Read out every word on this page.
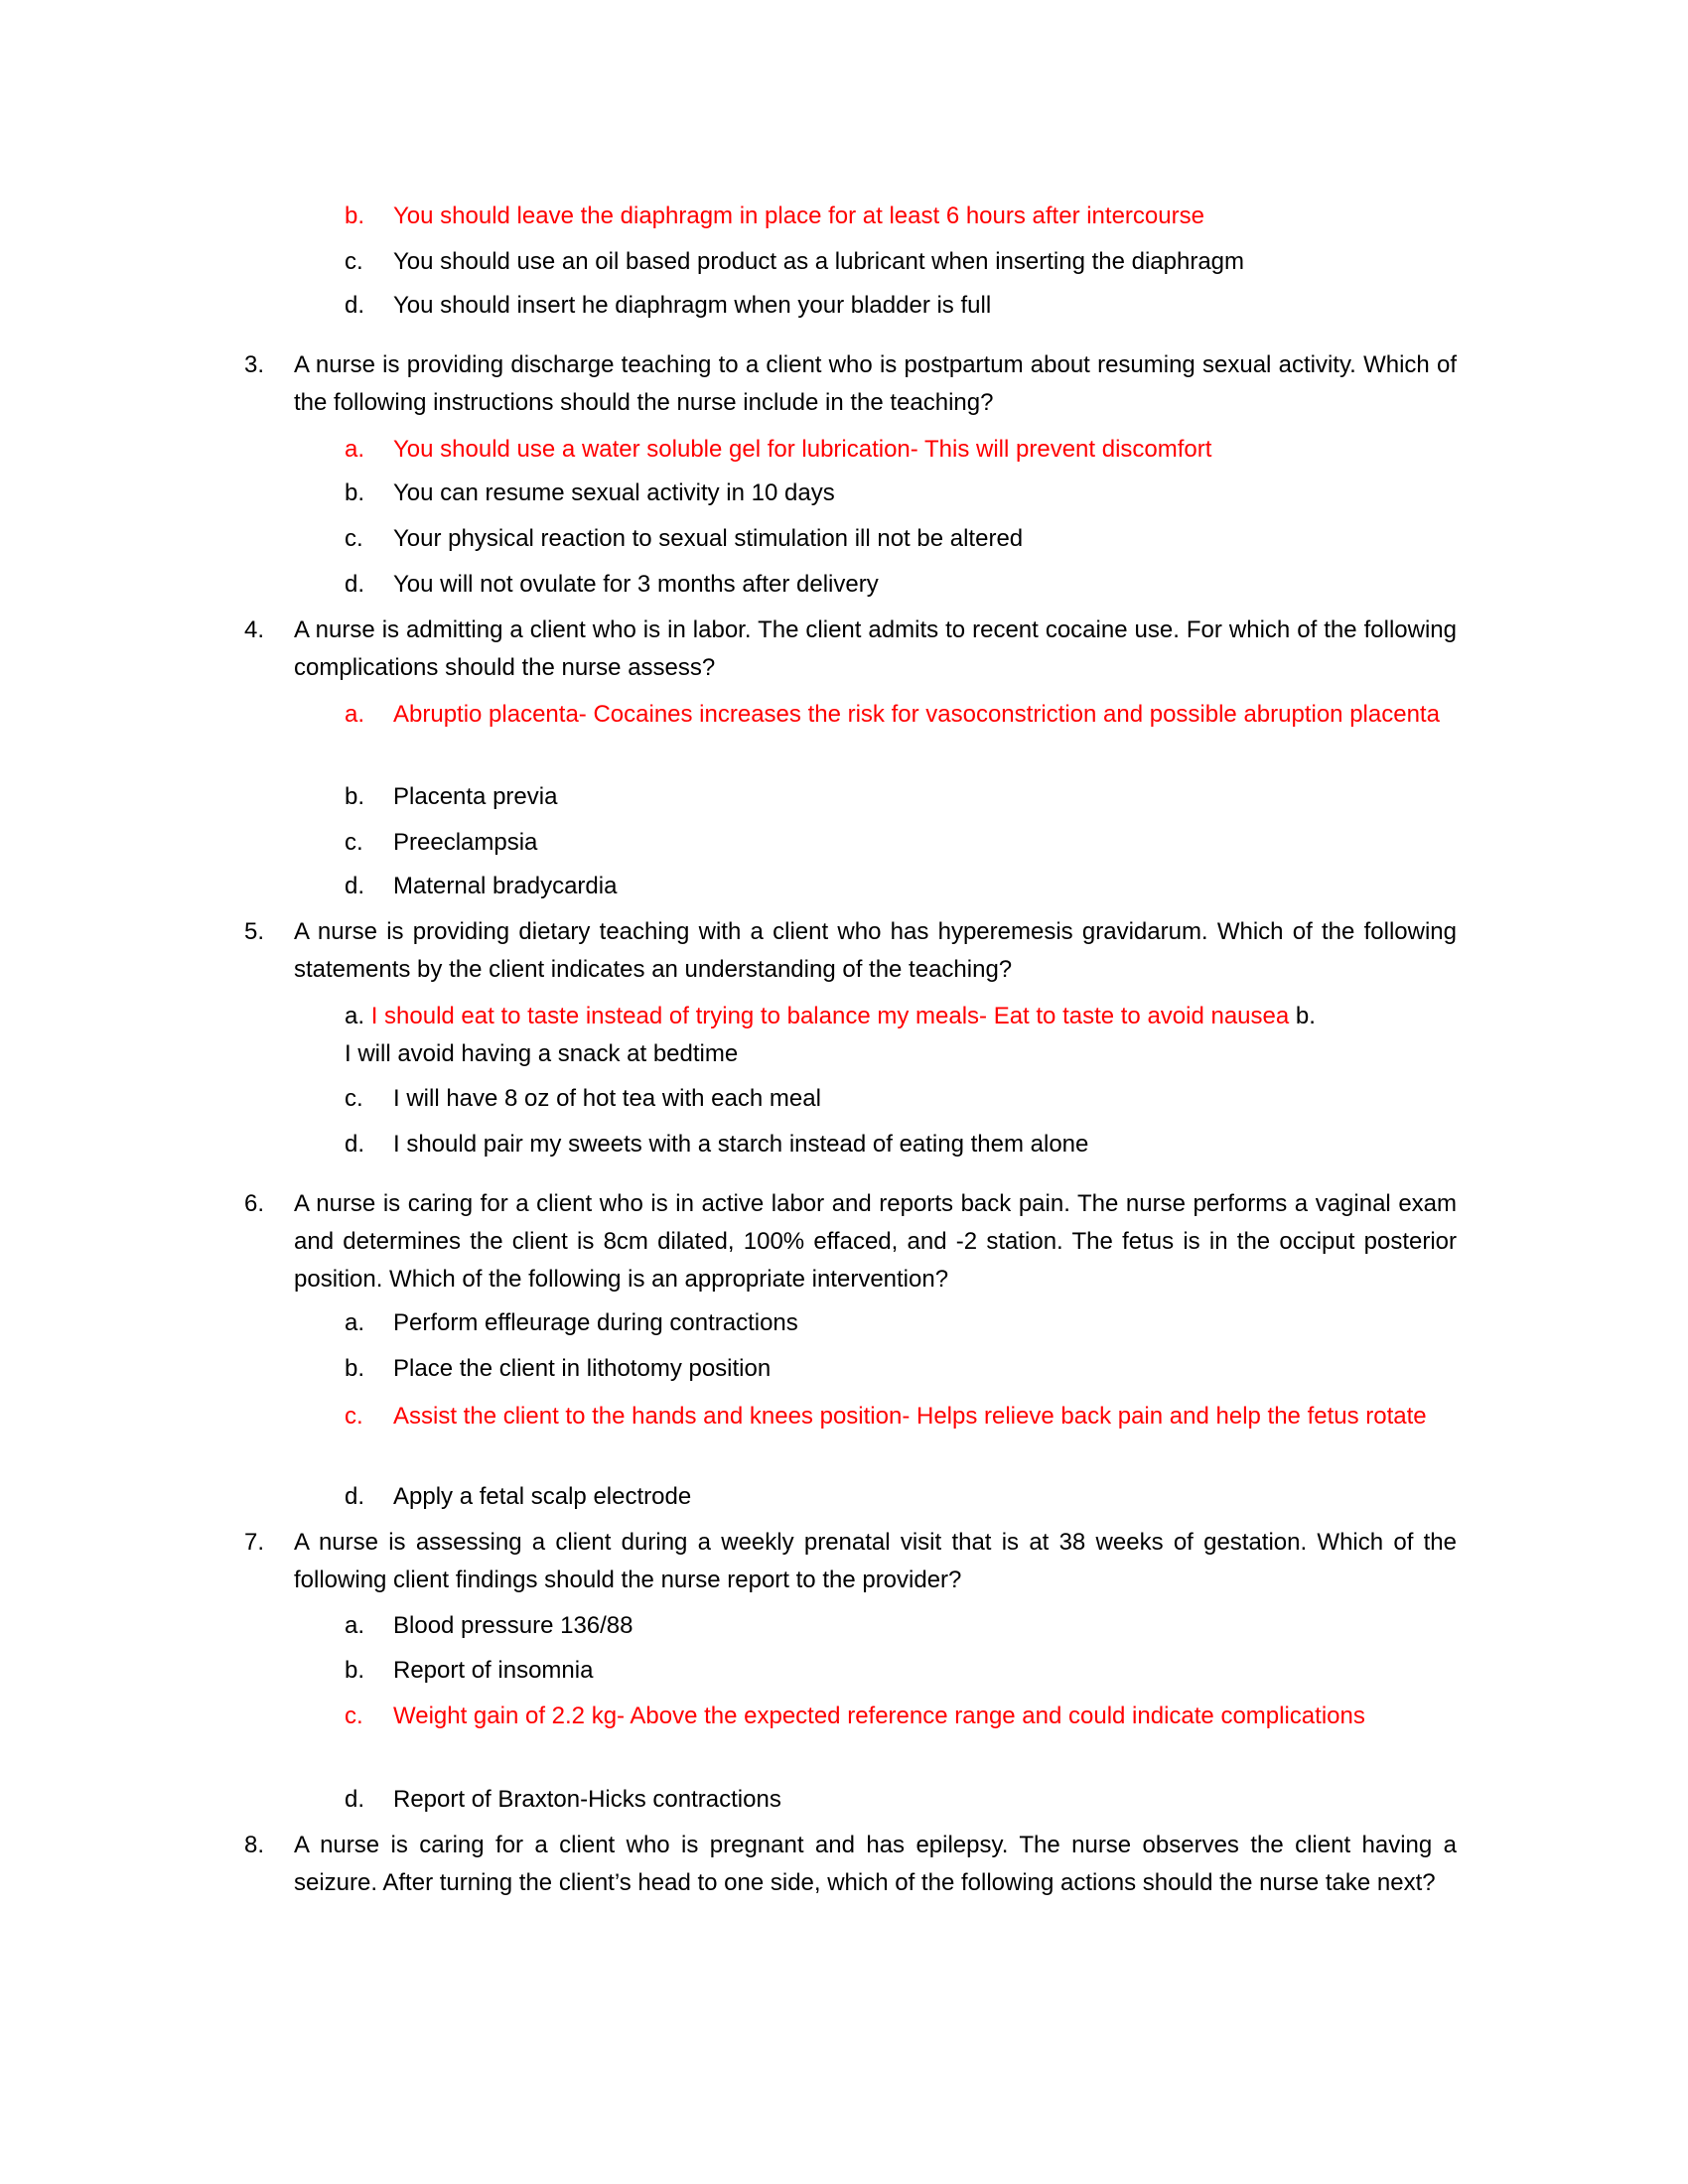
b. You should leave the diaphragm in place for at least 6 hours after intercourse
c. You should use an oil based product as a lubricant when inserting the diaphragm
d. You should insert he diaphragm when your bladder is full
3. A nurse is providing discharge teaching to a client who is postpartum about resuming sexual activity. Which of the following instructions should the nurse include in the teaching?
a. You should use a water soluble gel for lubrication- This will prevent discomfort
b. You can resume sexual activity in 10 days
c. Your physical reaction to sexual stimulation ill not be altered
d. You will not ovulate for 3 months after delivery
4. A nurse is admitting a client who is in labor. The client admits to recent cocaine use. For which of the following complications should the nurse assess?
a. Abruptio placenta- Cocaines increases the risk for vasoconstriction and possible abruption placenta
b. Placenta previa
c. Preeclampsia
d. Maternal bradycardia
5. A nurse is providing dietary teaching with a client who has hyperemesis gravidarum. Which of the following statements by the client indicates an understanding of the teaching?
a. I should eat to taste instead of trying to balance my meals- Eat to taste to avoid nausea b.
I will avoid having a snack at bedtime
c. I will have 8 oz of hot tea with each meal
d. I should pair my sweets with a starch instead of eating them alone
6. A nurse is caring for a client who is in active labor and reports back pain. The nurse performs a vaginal exam and determines the client is 8cm dilated, 100% effaced, and -2 station. The fetus is in the occiput posterior position. Which of the following is an appropriate intervention?
a. Perform effleurage during contractions
b. Place the client in lithotomy position
c. Assist the client to the hands and knees position- Helps relieve back pain and help the fetus rotate
d. Apply a fetal scalp electrode
7. A nurse is assessing a client during a weekly prenatal visit that is at 38 weeks of gestation. Which of the following client findings should the nurse report to the provider?
a. Blood pressure 136/88
b. Report of insomnia
c. Weight gain of 2.2 kg- Above the expected reference range and could indicate complications
d. Report of Braxton-Hicks contractions
8. A nurse is caring for a client who is pregnant and has epilepsy. The nurse observes the client having a seizure. After turning the client’s head to one side, which of the following actions should the nurse take next?
